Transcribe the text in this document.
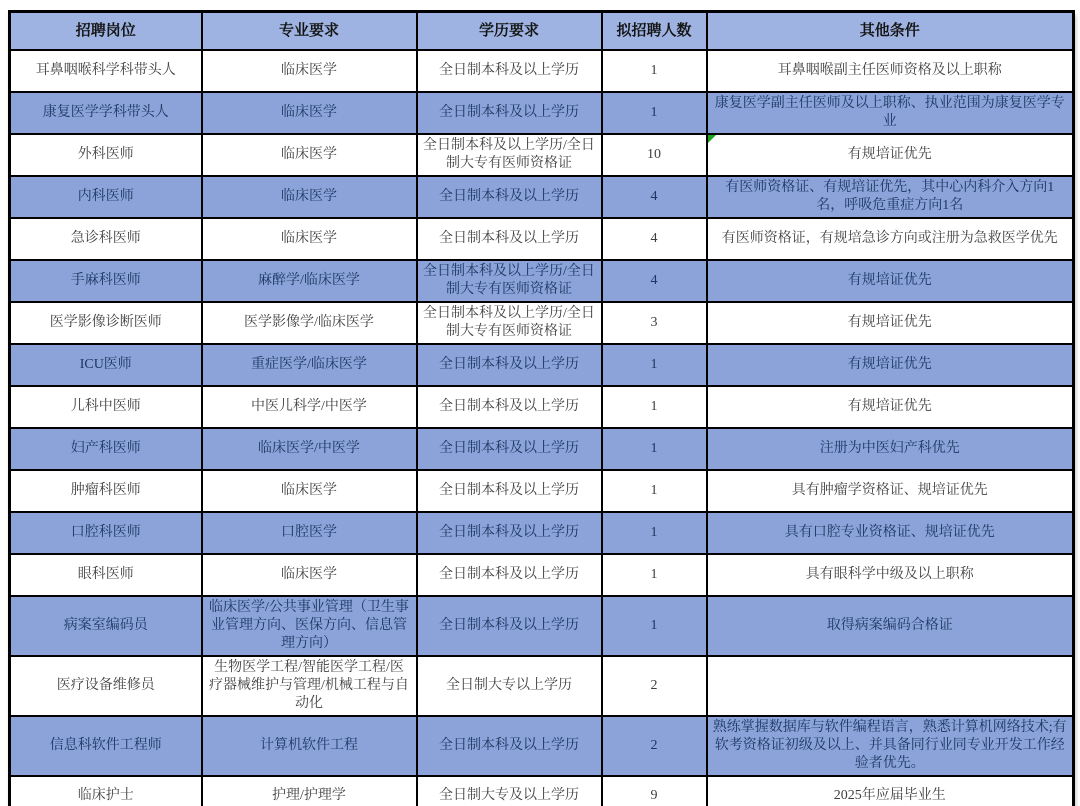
招聘岗位	专业要求	学历要求	拟招聘人数	其他条件
耳鼻咽喉科学科带头人	临床医学	全日制本科及以上学历	1	耳鼻咽喉副主任医师资格及以上职称
康复医学学科带头人	临床医学	全日制本科及以上学历	1	康复医学副主任医师及以上职称、执业范围为康复医学专业
外科医师	临床医学	全日制本科及以上学历/全日制大专有医师资格证	10	有规培证优先
内科医师	临床医学	全日制本科及以上学历	4	有医师资格证、有规培证优先，其中心内科介入方向1名，呼吸危重症方向1名
急诊科医师	临床医学	全日制本科及以上学历	4	有医师资格证，有规培急诊方向或注册为急救医学优先
手麻科医师	麻醉学/临床医学	全日制本科及以上学历/全日制大专有医师资格证	4	有规培证优先
医学影像诊断医师	医学影像学/临床医学	全日制本科及以上学历/全日制大专有医师资格证	3	有规培证优先
ICU医师	重症医学/临床医学	全日制本科及以上学历	1	有规培证优先
儿科中医师	中医儿科学/中医学	全日制本科及以上学历	1	有规培证优先
妇产科医师	临床医学/中医学	全日制本科及以上学历	1	注册为中医妇产科优先
肿瘤科医师	临床医学	全日制本科及以上学历	1	具有肿瘤学资格证、规培证优先
口腔科医师	口腔医学	全日制本科及以上学历	1	具有口腔专业资格证、规培证优先
眼科医师	临床医学	全日制本科及以上学历	1	具有眼科学中级及以上职称
病案室编码员	临床医学/公共事业管理（卫生事业管理方向、医保方向、信息管理方向）	全日制本科及以上学历	1	取得病案编码合格证
医疗设备维修员	生物医学工程/智能医学工程/医疗器械维护与管理/机械工程与自动化	全日制大专以上学历	2	
信息科软件工程师	计算机软件工程	全日制本科及以上学历	2	熟练掌握数据库与软件编程语言，熟悉计算机网络技术;有软考资格证初级及以上、并具备同行业同专业开发工作经验者优先。
临床护士	护理/护理学	全日制大专及以上学历	9	2025年应届毕业生
